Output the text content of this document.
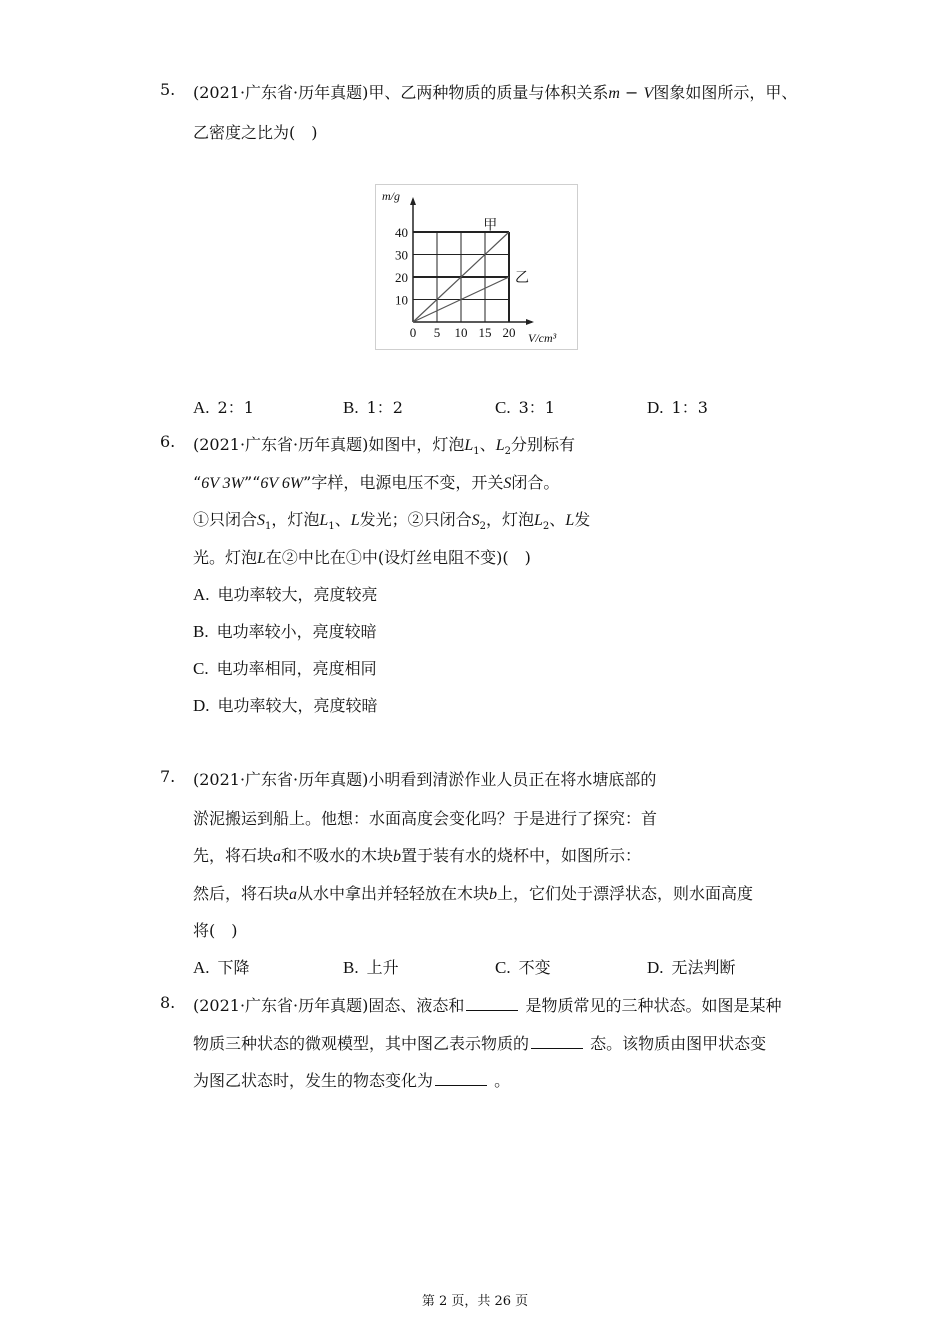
5. (2021·广东省·历年真题)甲、乙两种物质的质量与体积关系m − V图象如图所示，甲、
乙密度之比为(　)
10
20
30
40
0 5 10 15 20
m/g
V/cm³
甲
乙
A. 2：1	B. 1：2	C. 3：1	D. 1：3
6. (2021·广东省·历年真题)如图中，灯泡$L_1$、$L_2$分别标有
“6V 3W”“6V 6W”字样，电源电压不变，开关S闭合。
①只闭合$S_1$，灯泡$L_1$、L发光；②只闭合$S_2$，灯泡$L_2$、L发
光。灯泡L在②中比在①中(设灯丝电阻不变)(　)
A. 电功率较大，亮度较亮
B. 电功率较小，亮度较暗
C. 电功率相同，亮度相同
D. 电功率较大，亮度较暗
7. (2021·广东省·历年真题)小明看到清淤作业人员正在将水塘底部的
淤泥搬运到船上。他想：水面高度会变化吗？于是进行了探究：首
先，将石块a和不吸水的木块b置于装有水的烧杯中，如图所示：
然后，将石块a从水中拿出并轻轻放在木块b上，它们处于漂浮状态，则水面高度
将(　)
A. 下降	B. 上升	C. 不变	D. 无法判断
8. (2021·广东省·历年真题)固态、液态和	是物质常见的三种状态。如图是某种
物质三种状态的微观模型，其中图乙表示物质的	态。该物质由图甲状态变
为图乙状态时，发生的物态变化为	。
第 2 页，共 26 页
